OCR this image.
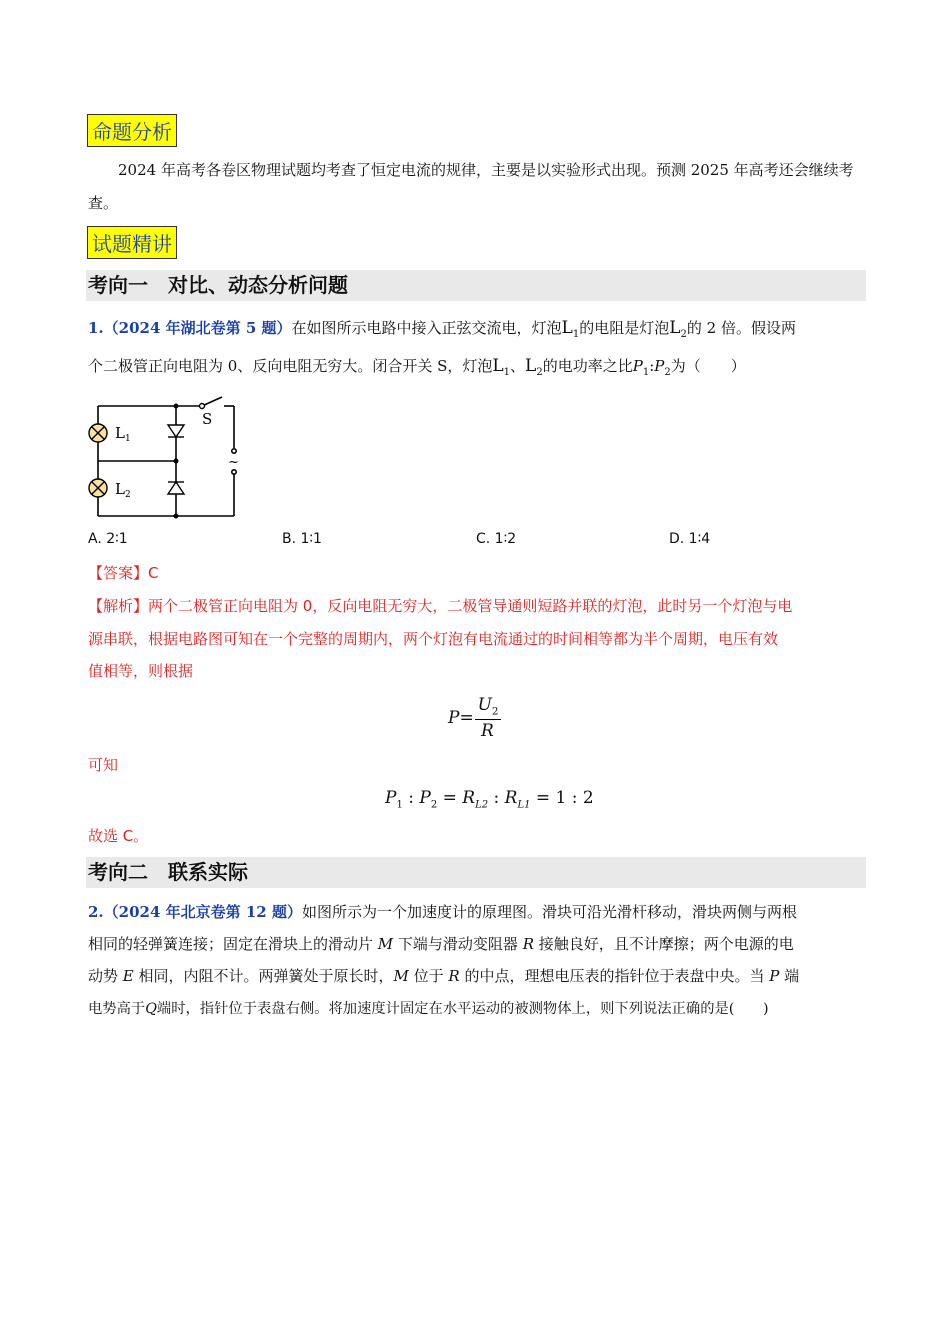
命题分析
2024 年高考各卷区物理试题均考查了恒定电流的规律，主要是以实验形式出现。预测 2025 年高考还会继续考查。
试题精讲
考向一 对比、动态分析问题
1.（2024 年湖北卷第 5 题）在如图所示电路中接入正弦交流电，灯泡$L_1$的电阻是灯泡$L_2$的 2 倍。假设两
个二极管正向电阻为 0、反向电阻无穷大。闭合开关 S，灯泡$L_1$、$L_2$的电功率之比$P_1:P_2$为（　　）
L 1
L 2
S
~
A. 2∶1	B. 1∶1	C. 1∶2	D. 1∶4
【答案】C
【解析】两个二极管正向电阻为 0，反向电阻无穷大，二极管导通则短路并联的灯泡，此时另一个灯泡与电
源串联，根据电路图可知在一个完整的周期内，两个灯泡有电流通过的时间相等都为半个周期，电压有效
值相等，则根据
P=
$U_2$
R
可知
$P_1$ : $P_2 = R_{L2}$ : $R_{L1} = 1$ : 2
故选 C。
考向二 联系实际
2.（2024 年北京卷第 12 题）如图所示为一个加速度计的原理图。滑块可沿光滑杆移动，滑块两侧与两根
相同的轻弹簧连接；固定在滑块上的滑动片 M 下端与滑动变阻器 R 接触良好，且不计摩擦；两个电源的电
动势 E 相同，内阻不计。两弹簧处于原长时，M 位于 R 的中点，理想电压表的指针位于表盘中央。当 P 端
电势高于Q端时，指针位于表盘右侧。将加速度计固定在水平运动的被测物体上，则下列说法正确的是(　　)
